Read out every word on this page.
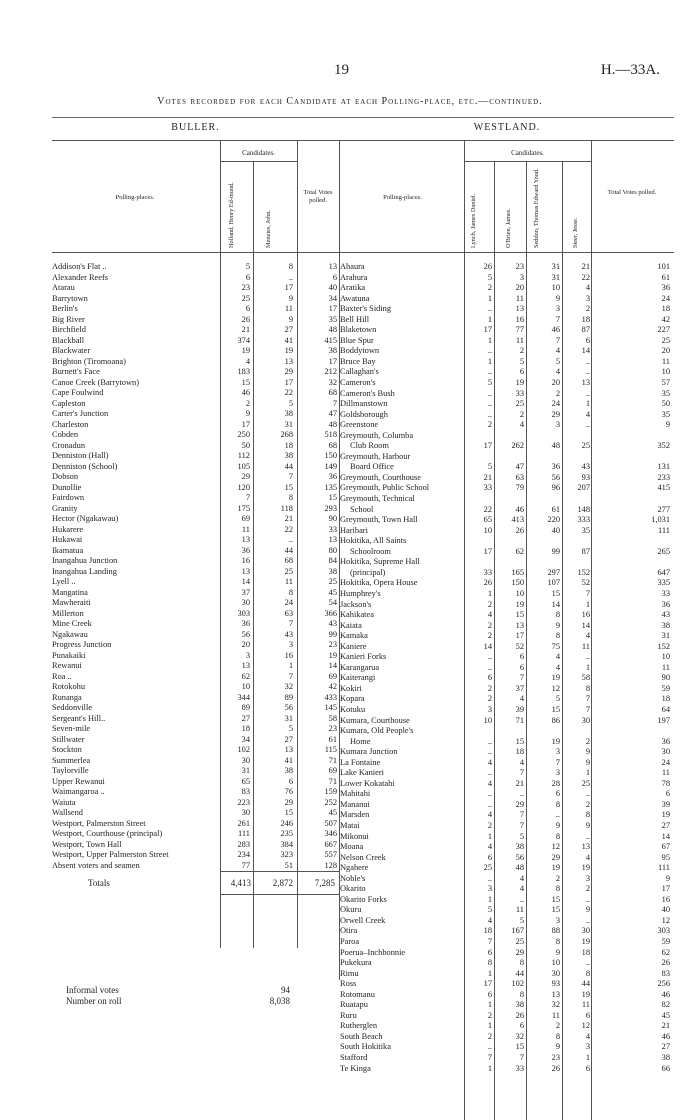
19	H.—33A.
Votes recorded for each Candidate at each Polling-place, etc.—continued.
BULLER.
Polling-places.
Candidates.
Holland, Henry Ed-mund.	Menzies, John.
Total Votes polled.
Addison's Flat ..	5	8	13
Alexander Reefs	6	..	6
Atarau	23	17	40
Barrytown	25	9	34
Berlin's	6	11	17
Big River	26	9	35
Birchfield	21	27	48
Blackball	374	41	415
Blackwater	19	19	38
Brighton (Tiromoana)	4	13	17
Burnett's Face	183	29	212
Canoe Creek (Barrytown)	15	17	32
Cape Foulwind	46	22	68
Capleston	2	5	7
Carter's Junction	9	38	47
Charleston	17	31	48
Cobden	250	268	518
Cronadun	50	18	68
Denniston (Hall)	112	38	150
Denniston (School)	105	44	149
Dobson	29	7	36
Dunollie	120	15	135
Fairdown	7	8	15
Granity	175	118	293
Hector (Ngakawau)	69	21	90
Hukarere	11	22	33
Hukawai	13	..	13
Ikamatua	36	44	80
Inangahua Junction	16	68	84
Inangahua Landing	13	25	38
Lyell ..	14	11	25
Mangatina	37	8	45
Mawheraiti	30	24	54
Millerton	303	63	366
Mine Creek	36	7	43
Ngakawau	56	43	99
Progress Junction	20	3	23
Punakaiki	3	16	19
Rewanui	13	1	14
Roa ..	62	7	69
Rotokohu	10	32	42
Runanga	344	89	433
Seddonville	89	56	145
Sergeant's Hill..	27	31	58
Seven-mile	18	5	23
Stillwater	34	27	61
Stockton	102	13	115
Summerlea	30	41	71
Taylorville	31	38	69
Upper Rewanui	65	6	71
Waimangaroa ..	83	76	159
Waiuta	223	29	252
Wallsend	30	15	45
Westport, Palmerston Street	261	246	507
Westport, Courthouse (principal)	111	235	346
Westport, Town Hall	283	384	667
Westport, Upper Palmerston Street	234	323	557
Absent voters and seamen	77	51	128
Totals	4,413	2,872	7,285
Informal votes	94
Number on roll	8,038
WESTLAND.
Polling-places.
Candidates.
Lynch, James Daniel.	O'Brien, James.	Seddon, Thomas Edward Youd.	Steer, Jesse.
Total Votes polled.
Ahaura	26	23	31	21	101
Arahura	5	3	31	22	61
Aratika	2	20	10	4	36
Awatuna	1	11	9	3	24
Baxter's Siding	..	13	3	2	18
Bell Hill	1	16	7	18	42
Blaketown	17	77	46	87	227
Blue Spur	1	11	7	6	25
Boddytown	..	2	4	14	20
Bruce Bay	1	5	5	..	11
Callaghan's	..	6	4	..	10
Cameron's	5	19	20	13	57
Cameron's Bush	..	33	2	..	35
Dillmanstown	..	25	24	1	50
Goldsborough	..	2	29	4	35
Greenstone	2	4	3	..	9
Greymouth, Columba
Club Room	17	262	48	25	352
Greymouth, Harbour
Board Office	5	47	36	43	131
Greymouth, Courthouse	21	63	56	93	233
Greymouth, Public School	33	79	96	207	415
Greymouth, Technical
School	22	46	61	148	277
Greymouth, Town Hall	65	413	220	333	1,031
Haribari	10	26	40	35	111
Hokitika, All Saints
Schoolroom	17	62	99	87	265
Hokitika, Supreme Hall
(principal)	33	165	297	152	647
Hokitika, Opera House	26	150	107	52	335
Humphrey's	1	10	15	7	33
Jackson's	2	19	14	1	36
Kahikatea	4	15	8	16	43
Kaiata	2	13	9	14	38
Kamaka	2	17	8	4	31
Kaniere	14	52	75	11	152
Kanieri Forks	..	6	4	..	10
Karangarua	..	6	4	1	11
Kaiterangi	6	7	19	58	90
Kokiri	2	37	12	8	59
Kopara	2	4	5	7	18
Kotuku	3	39	15	7	64
Kumara, Courthouse	10	71	86	30	197
Kumara, Old People's
Home	..	15	19	2	36
Kumara Junction	..	18	3	9	30
La Fontaine	4	4	7	9	24
Lake Kanieri	..	7	3	1	11
Lower Kokatahi	4	21	28	25	78
Mahitahi	..	..	6	..	6
Mananui	..	29	8	2	39
Marsden	4	7	..	8	19
Matai	2	7	9	9	27
Mikonui	1	5	8	..	14
Moana	4	38	12	13	67
Nelson Creek	6	56	29	4	95
Ngahere	25	48	19	19	111
Noble's	..	4	2	3	9
Okarito	3	4	8	2	17
Okarito Forks	1	..	15	..	16
Okuru	5	11	15	9	40
Orwell Creek	4	5	3	..	12
Otira	18	167	88	30	303
Paroa	7	25	8	19	59
Poerua–Inchbonnie	6	29	9	18	62
Pukekura	8	8	10	..	26
Rimu	1	44	30	8	83
Ross	17	102	93	44	256
Rotomanu	6	8	13	19	46
Ruatapu	1	38	32	11	82
Ruru	2	26	11	6	45
Rutherglen	1	6	2	12	21
South Beach	2	32	8	4	46
South Hokitika	..	15	9	3	27
Stafford	7	7	23	1	38
Te Kinga	1	33	26	6	66
